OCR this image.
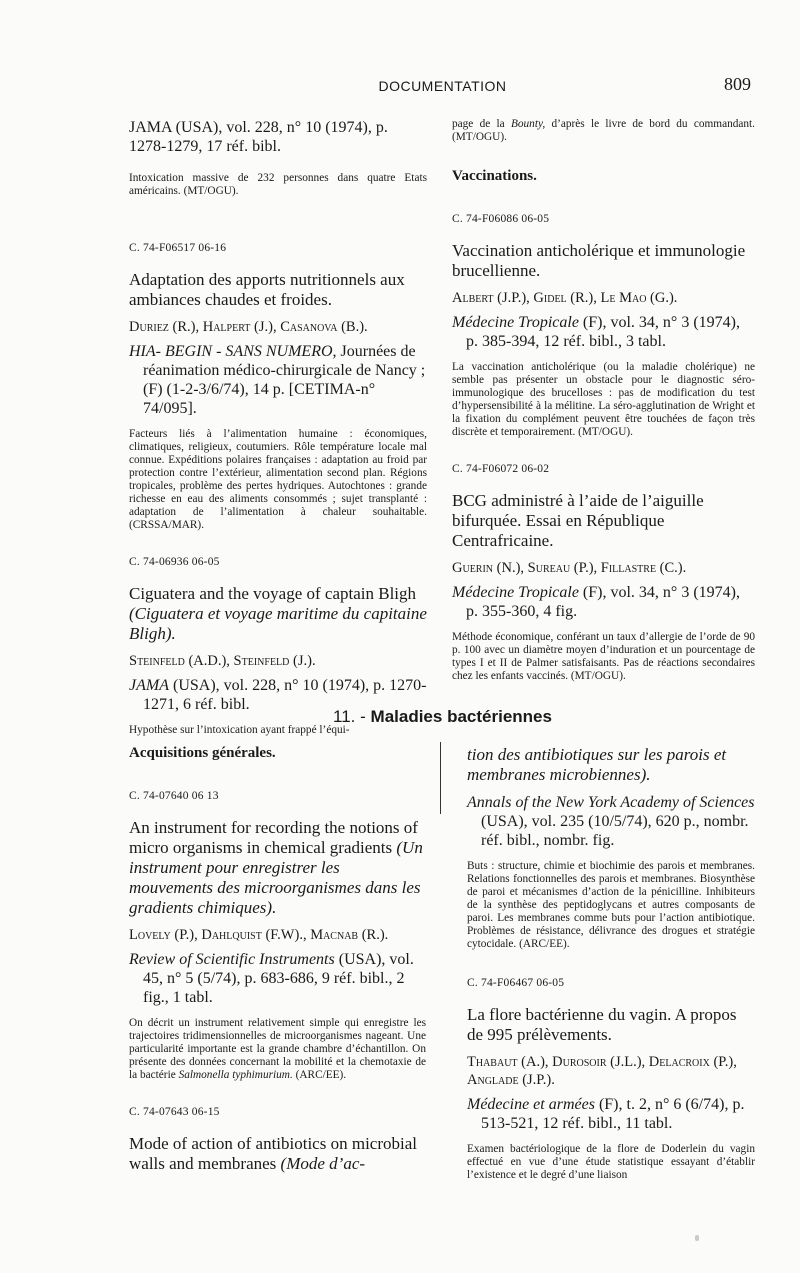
DOCUMENTATION	809

JAMA (USA), vol. 228, n° 10 (1974), p. 1278-1279, 17 réf. bibl.

Intoxication massive de 232 personnes dans quatre Etats américains. (MT/OGU).

C. 74-F06517 06-16

Adaptation des apports nutritionnels aux ambiances chaudes et froides.

Duriez (R.), Halpert (J.), Casanova (B.).

HIA- BEGIN - SANS NUMERO, Journées de réanimation médico-chirurgicale de Nancy ; (F) (1-2-3/6/74), 14 p. [CETIMA-n° 74/095].

Facteurs liés à l’alimentation humaine : économiques, climatiques, religieux, coutumiers. Rôle température locale mal connue. Expéditions polaires françaises : adaptation au froid par protection contre l’extérieur, alimentation second plan. Régions tropicales, problème des pertes hydriques. Autochtones : grande richesse en eau des aliments consommés ; sujet transplanté : adaptation de l’alimentation à chaleur souhaitable. (CRSSA/MAR).

C. 74-06936 06-05

Ciguatera and the voyage of captain Bligh (Ciguatera et voyage maritime du capitaine Bligh).

Steinfeld (A.D.), Steinfeld (J.).

JAMA (USA), vol. 228, n° 10 (1974), p. 1270-1271, 6 réf. bibl.

Hypothèse sur l’intoxication ayant frappé l’équi-

page de la Bounty, d’après le livre de bord du commandant. (MT/OGU).

Vaccinations.

C. 74-F06086 06-05

Vaccination anticholérique et immunologie brucellienne.

Albert (J.P.), Gidel (R.), Le Mao (G.).

Médecine Tropicale (F), vol. 34, n° 3 (1974), p. 385-394, 12 réf. bibl., 3 tabl.

La vaccination anticholérique (ou la maladie cholérique) ne semble pas présenter un obstacle pour le diagnostic séro-immunologique des brucelloses : pas de modification du test d’hypersensibilité à la mélitine. La séro-agglutination de Wright et la fixation du complément peuvent être touchées de façon très discrète et temporairement. (MT/OGU).

C. 74-F06072 06-02

BCG administré à l’aide de l’aiguille bifurquée. Essai en République Centrafricaine.

Guerin (N.), Sureau (P.), Fillastre (C.).

Médecine Tropicale (F), vol. 34, n° 3 (1974), p. 355-360, 4 fig.

Méthode économique, conférant un taux d’allergie de l’orde de 90 p. 100 avec un diamètre moyen d’induration et un pourcentage de types I et II de Palmer satisfaisants. Pas de réactions secondaires chez les enfants vaccinés. (MT/OGU).

11. - Maladies bactériennes

Acquisitions générales.

C. 74-07640 06 13

An instrument for recording the notions of micro organisms in chemical gradients (Un instrument pour enregistrer les mouvements des microorganismes dans les gradients chimiques).

Lovely (P.), Dahlquist (F.W)., Macnab (R.).

Review of Scientific Instruments (USA), vol. 45, n° 5 (5/74), p. 683-686, 9 réf. bibl., 2 fig., 1 tabl.

On décrit un instrument relativement simple qui enregistre les trajectoires tridimensionnelles de microorganismes nageant. Une particularité importante est la grande chambre d’échantillon. On présente des données concernant la mobilité et la chemotaxie de la bactérie Salmonella typhimurium. (ARC/EE).

C. 74-07643 06-15

Mode of action of antibiotics on microbial walls and membranes (Mode d’ac-

tion des antibiotiques sur les parois et membranes microbiennes).

Annals of the New York Academy of Sciences (USA), vol. 235 (10/5/74), 620 p., nombr. réf. bibl., nombr. fig.

Buts : structure, chimie et biochimie des parois et membranes. Relations fonctionnelles des parois et membranes. Biosynthèse de paroi et mécanismes d’action de la pénicilline. Inhibiteurs de la synthèse des peptidoglycans et autres composants de paroi. Les membranes comme buts pour l’action antibiotique. Problèmes de résistance, délivrance des drogues et stratégie cytocidale. (ARC/EE).

C. 74-F06467 06-05

La flore bactérienne du vagin. A propos de 995 prélèvements.

Thabaut (A.), Durosoir (J.L.), Delacroix (P.), Anglade (J.P.).

Médecine et armées (F), t. 2, n° 6 (6/74), p. 513-521, 12 réf. bibl., 11 tabl.

Examen bactériologique de la flore de Doderlein du vagin effectué en vue d’une étude statistique essayant d’établir l’existence et le degré d’une liaison
